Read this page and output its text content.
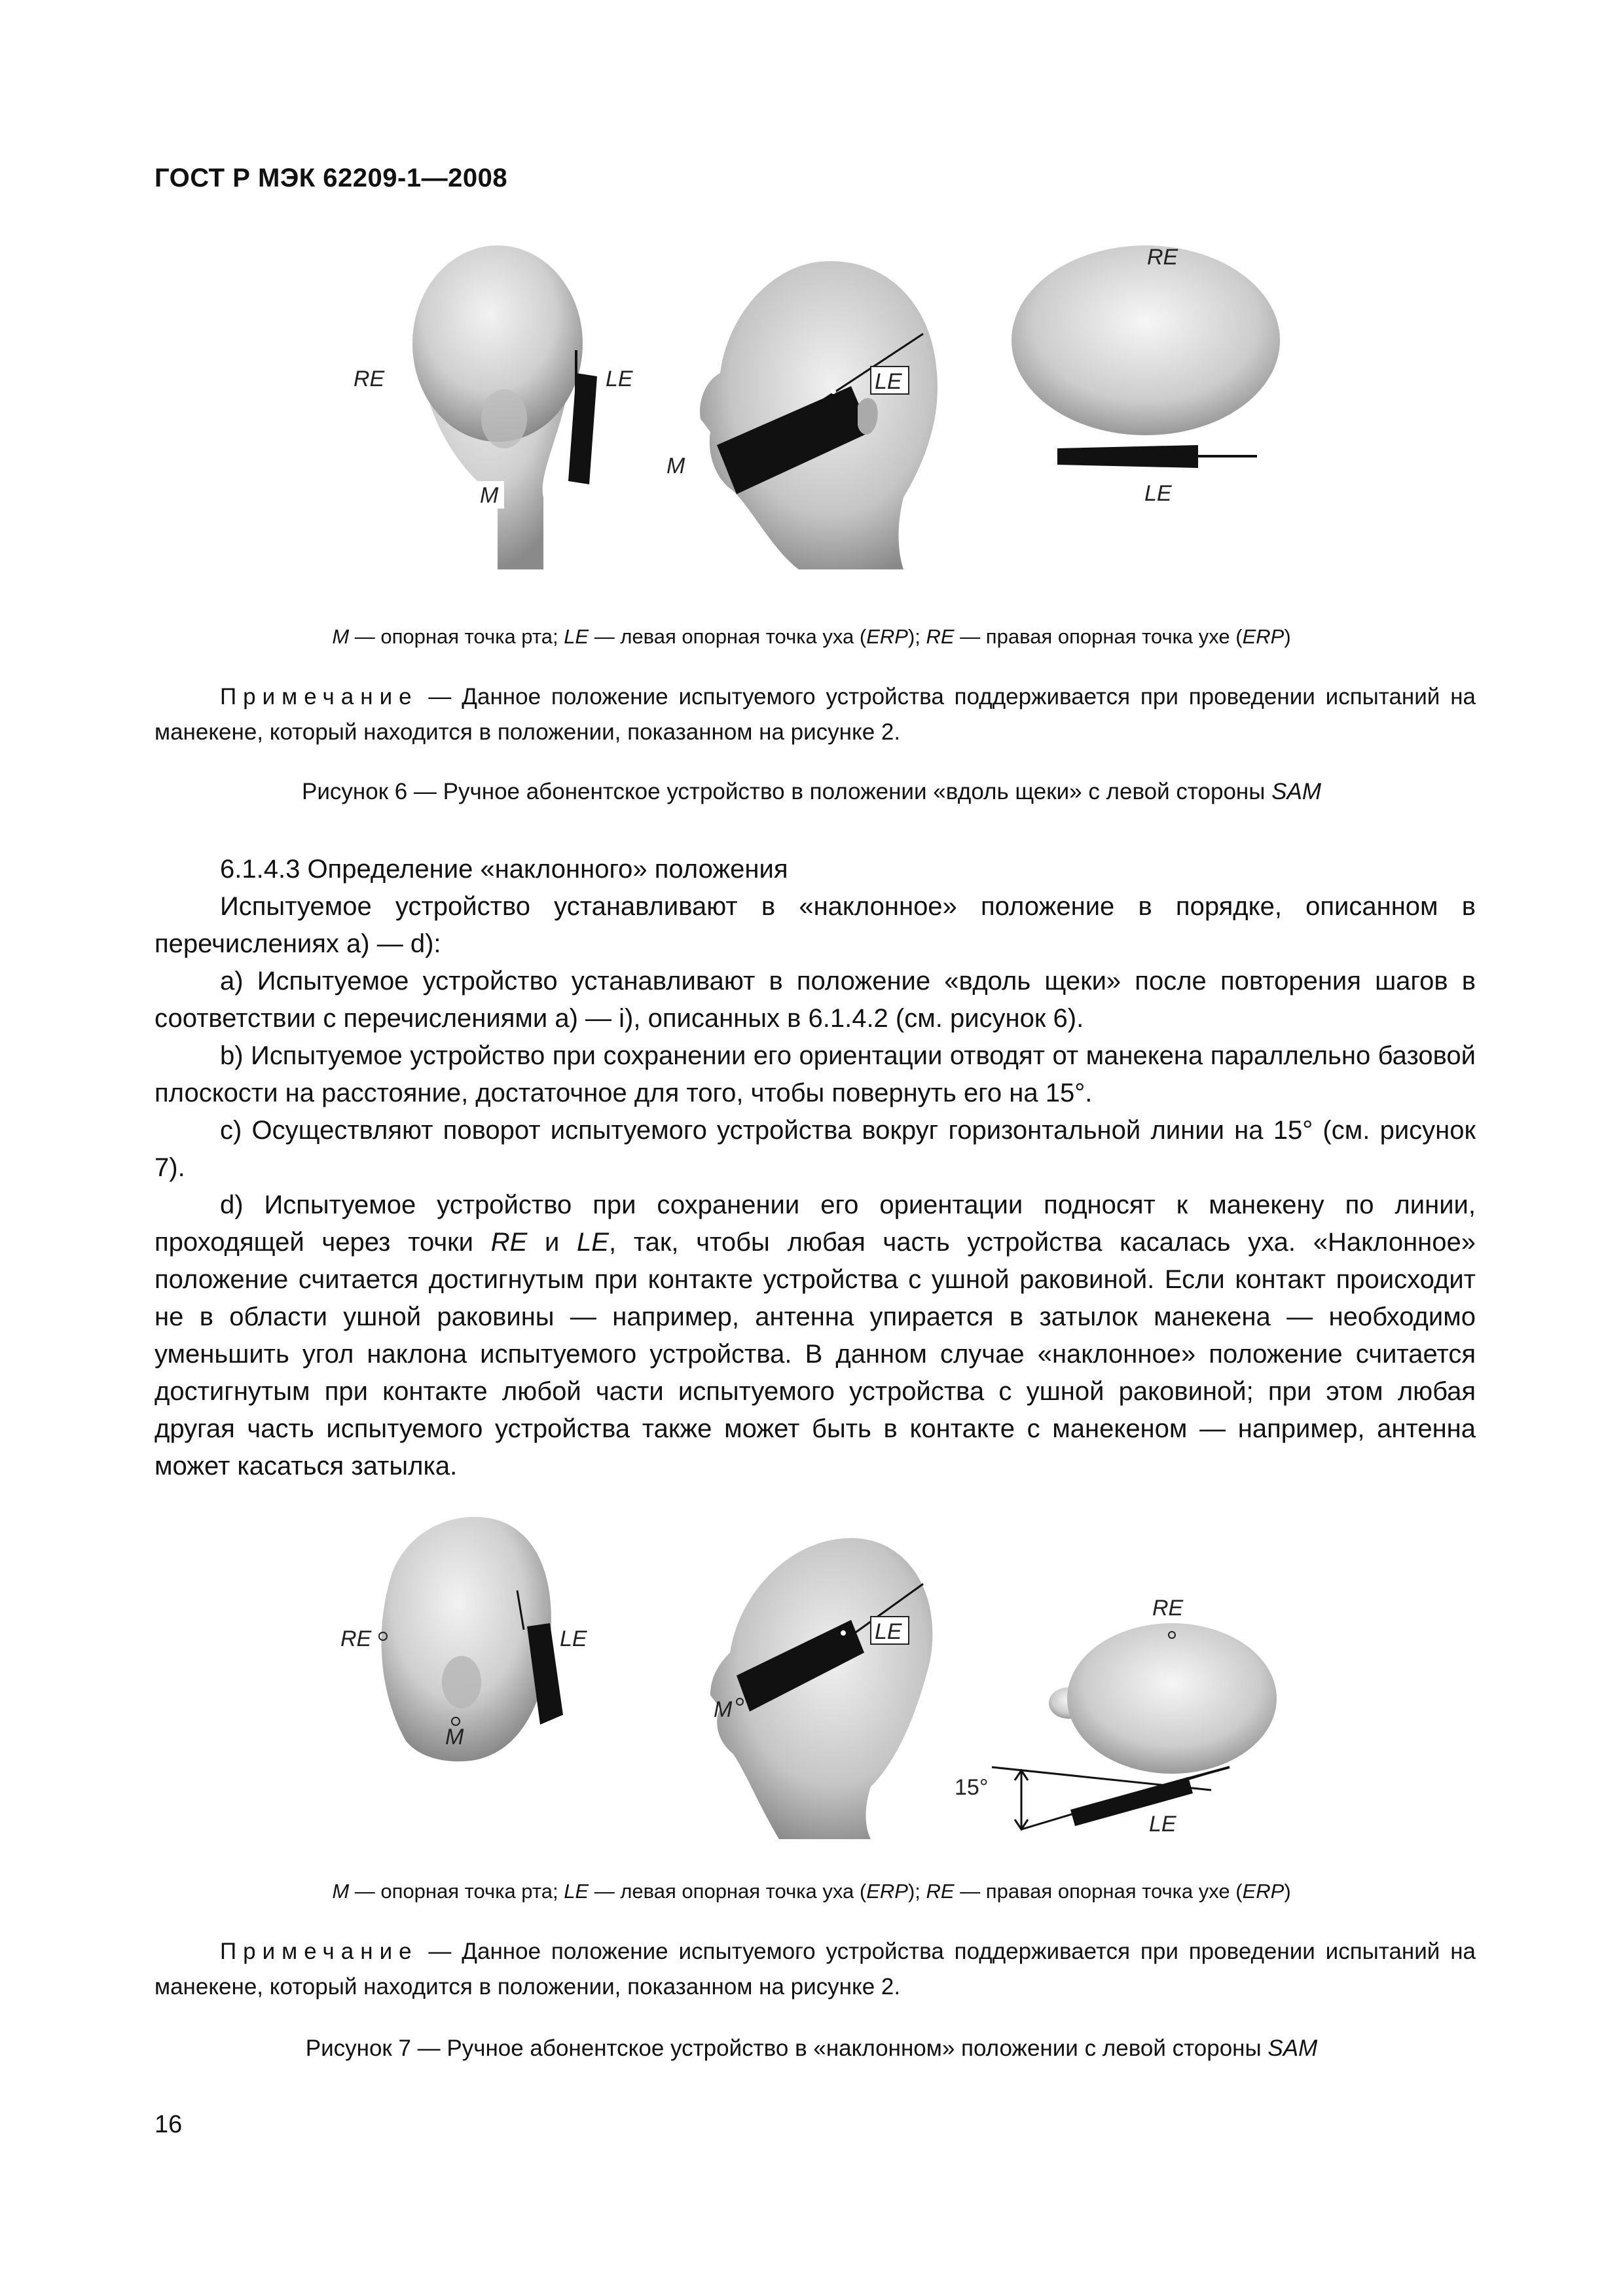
ГОСТ Р МЭК 62209-1—2008
RE	LE
M
LE
M
RE
LE
M — опорная точка рта; LE — левая опорная точка уха (ERP); RE — правая опорная точка ухе (ERP)
Примечание — Данное положение испытуемого устройства поддерживается при проведении испытаний на манекене, который находится в положении, показанном на рисунке 2.
Рисунок 6 — Ручное абонентское устройство в положении «вдоль щеки» с левой стороны SAM

6.1.4.3 Определение «наклонного» положения

Испытуемое устройство устанавливают в «наклонное» положение в порядке, описанном в перечислениях а) — d):

а) Испытуемое устройство устанавливают в положение «вдоль щеки» после повторения шагов в соответствии с перечислениями а) — i), описанных в 6.1.4.2 (см. рисунок 6).

b) Испытуемое устройство при сохранении его ориентации отводят от манекена параллельно базовой плоскости на расстояние, достаточное для того, чтобы повернуть его на 15°.

с) Осуществляют поворот испытуемого устройства вокруг горизонтальной линии на 15° (см. рисунок 7).

d) Испытуемое устройство при сохранении его ориентации подносят к манекену по линии, проходящей через точки RE и LE, так, чтобы любая часть устройства касалась уха. «Наклонное» положение считается достигнутым при контакте устройства с ушной раковиной. Если контакт происходит не в области ушной раковины — например, антенна упирается в затылок манекена — необходимо уменьшить угол наклона испытуемого устройства. В данном случае «наклонное» положение считается достигнутым при контакте любой части испытуемого устройства с ушной раковиной; при этом любая другая часть испытуемого устройства также может быть в контакте с манекеном — например, антенна может касаться затылка.

RE	LE
M
LE
M
RE
LE
15°
M — опорная точка рта; LE — левая опорная точка уха (ERP); RE — правая опорная точка ухе (ERP)
Примечание — Данное положение испытуемого устройства поддерживается при проведении испытаний на манекене, который находится в положении, показанном на рисунке 2.
Рисунок 7 — Ручное абонентское устройство в «наклонном» положении с левой стороны SAM
16
